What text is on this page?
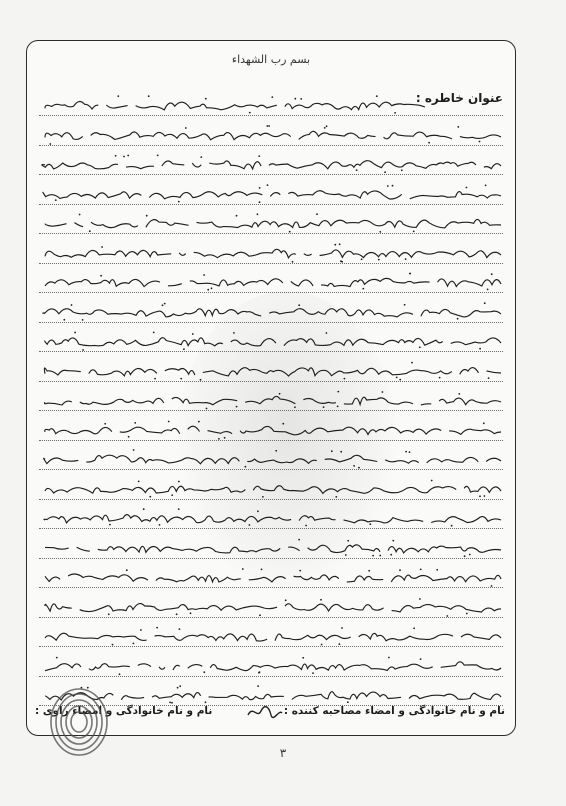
بسم رب الشهداء
عنوان خاطره :
نام و نام خانوادگی و امضاء مصاحبه کننده :
نام و نام خانوادگی و امضاء راوی :
۳
